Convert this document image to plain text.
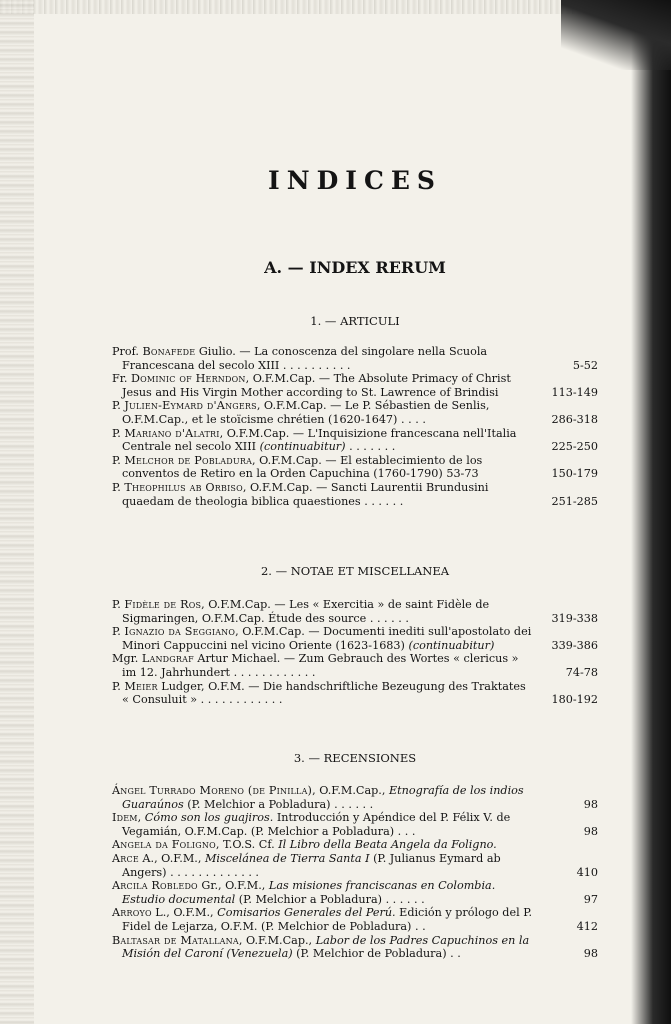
INDICES
A. — INDEX RERUM
1. — ARTICULI
Prof. Bonafede Giulio. — La conoscenza del singolare nella Scuola Francescana del secolo XIII . . . . . . . . . .	5-52
Fr. Dominic of Herndon, O.F.M.Cap. — The Absolute Primacy of Christ Jesus and His Virgin Mother according to St. Lawrence of Brindisi	113-149
P. Julien-Eymard d'Angers, O.F.M.Cap. — Le P. Sébastien de Senlis, O.F.M.Cap., et le stoïcisme chrétien (1620-1647) . . . .	286-318
P. Mariano d'Alatri, O.F.M.Cap. — L'Inquisizione francescana nell'Italia Centrale nel secolo XIII (continuabitur) . . . . . . .	225-250
P. Melchor de Pobladura, O.F.M.Cap. — El establecimiento de los conventos de Retiro en la Orden Capuchina (1760-1790) 53-73	150-179
P. Theophilus ab Orbiso, O.F.M.Cap. — Sancti Laurentii Brundusini quaedam de theologia biblica quaestiones . . . . . .	251-285
2. — NOTAE ET MISCELLANEA
P. Fidèle de Ros, O.F.M.Cap. — Les « Exercitia » de saint Fidèle de Sigmaringen, O.F.M.Cap. Étude des source . . . . . .	319-338
P. Ignazio da Seggiano, O.F.M.Cap. — Documenti inediti sull'apostolato dei Minori Cappuccini nel vicino Oriente (1623-1683) (continuabitur)	339-386
Mgr. Landgraf Artur Michael. — Zum Gebrauch des Wortes « clericus » im 12. Jahrhundert . . . . . . . . . . . .	74-78
P. Meier Ludger, O.F.M. — Die handschriftliche Bezeugung des Traktates « Consuluit » . . . . . . . . . . . .	180-192
3. — RECENSIONES
Ángel Turrado Moreno (de Pinilla), O.F.M.Cap., Etnografía de los indios Guaraúnos (P. Melchior a Pobladura) . . . . . .	98
Idem, Cómo son los guajiros. Introducción y Apéndice del P. Félix V. de Vegamián, O.F.M.Cap. (P. Melchior a Pobladura) . . .	98
Angela da Foligno, T.O.S. Cf. Il Libro della Beata Angela da Foligno.
Arce A., O.F.M., Miscelánea de Tierra Santa I (P. Julianus Eymard ab Angers) . . . . . . . . . . . . .	410
Arcila Robledo Gr., O.F.M., Las misiones franciscanas en Colombia. Estudio documental (P. Melchior a Pobladura) . . . . . .	97
Arroyo L., O.F.M., Comisarios Generales del Perú. Edición y prólogo del P. Fidel de Lejarza, O.F.M. (P. Melchior de Pobladura) . .	412
Baltasar de Matallana, O.F.M.Cap., Labor de los Padres Capuchinos en la Misión del Caroní (Venezuela) (P. Melchior de Pobladura) . .	98
